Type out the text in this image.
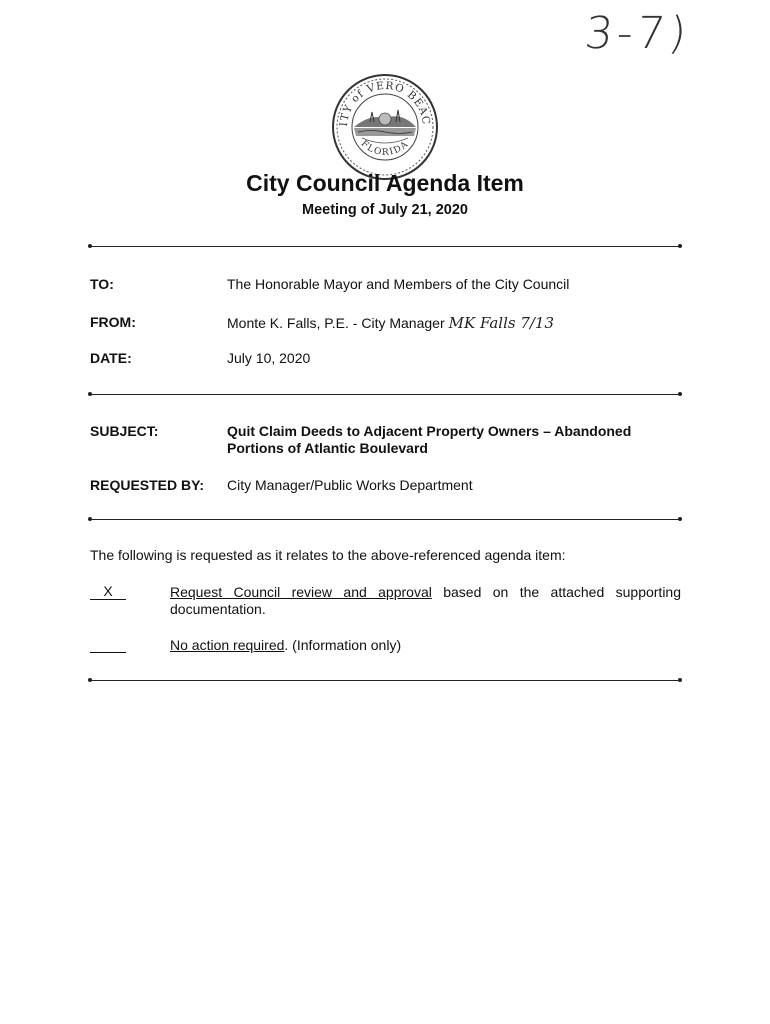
3-7)
ITY of VERO BEAC
FLORIDA
City Council Agenda Item
Meeting of July 21, 2020
TO:	The Honorable Mayor and Members of the City Council
FROM:	Monte K. Falls, P.E. - City Manager MK Falls 7/13
DATE:	July 10, 2020
SUBJECT:	Quit Claim Deeds to Adjacent Property Owners – Abandoned
Portions of Atlantic Boulevard
REQUESTED BY: City Manager/Public Works Department
The following is requested as it relates to the above-referenced agenda item:
X	Request Council review and approval based on the attached supporting
documentation.
No action required. (Information only)
